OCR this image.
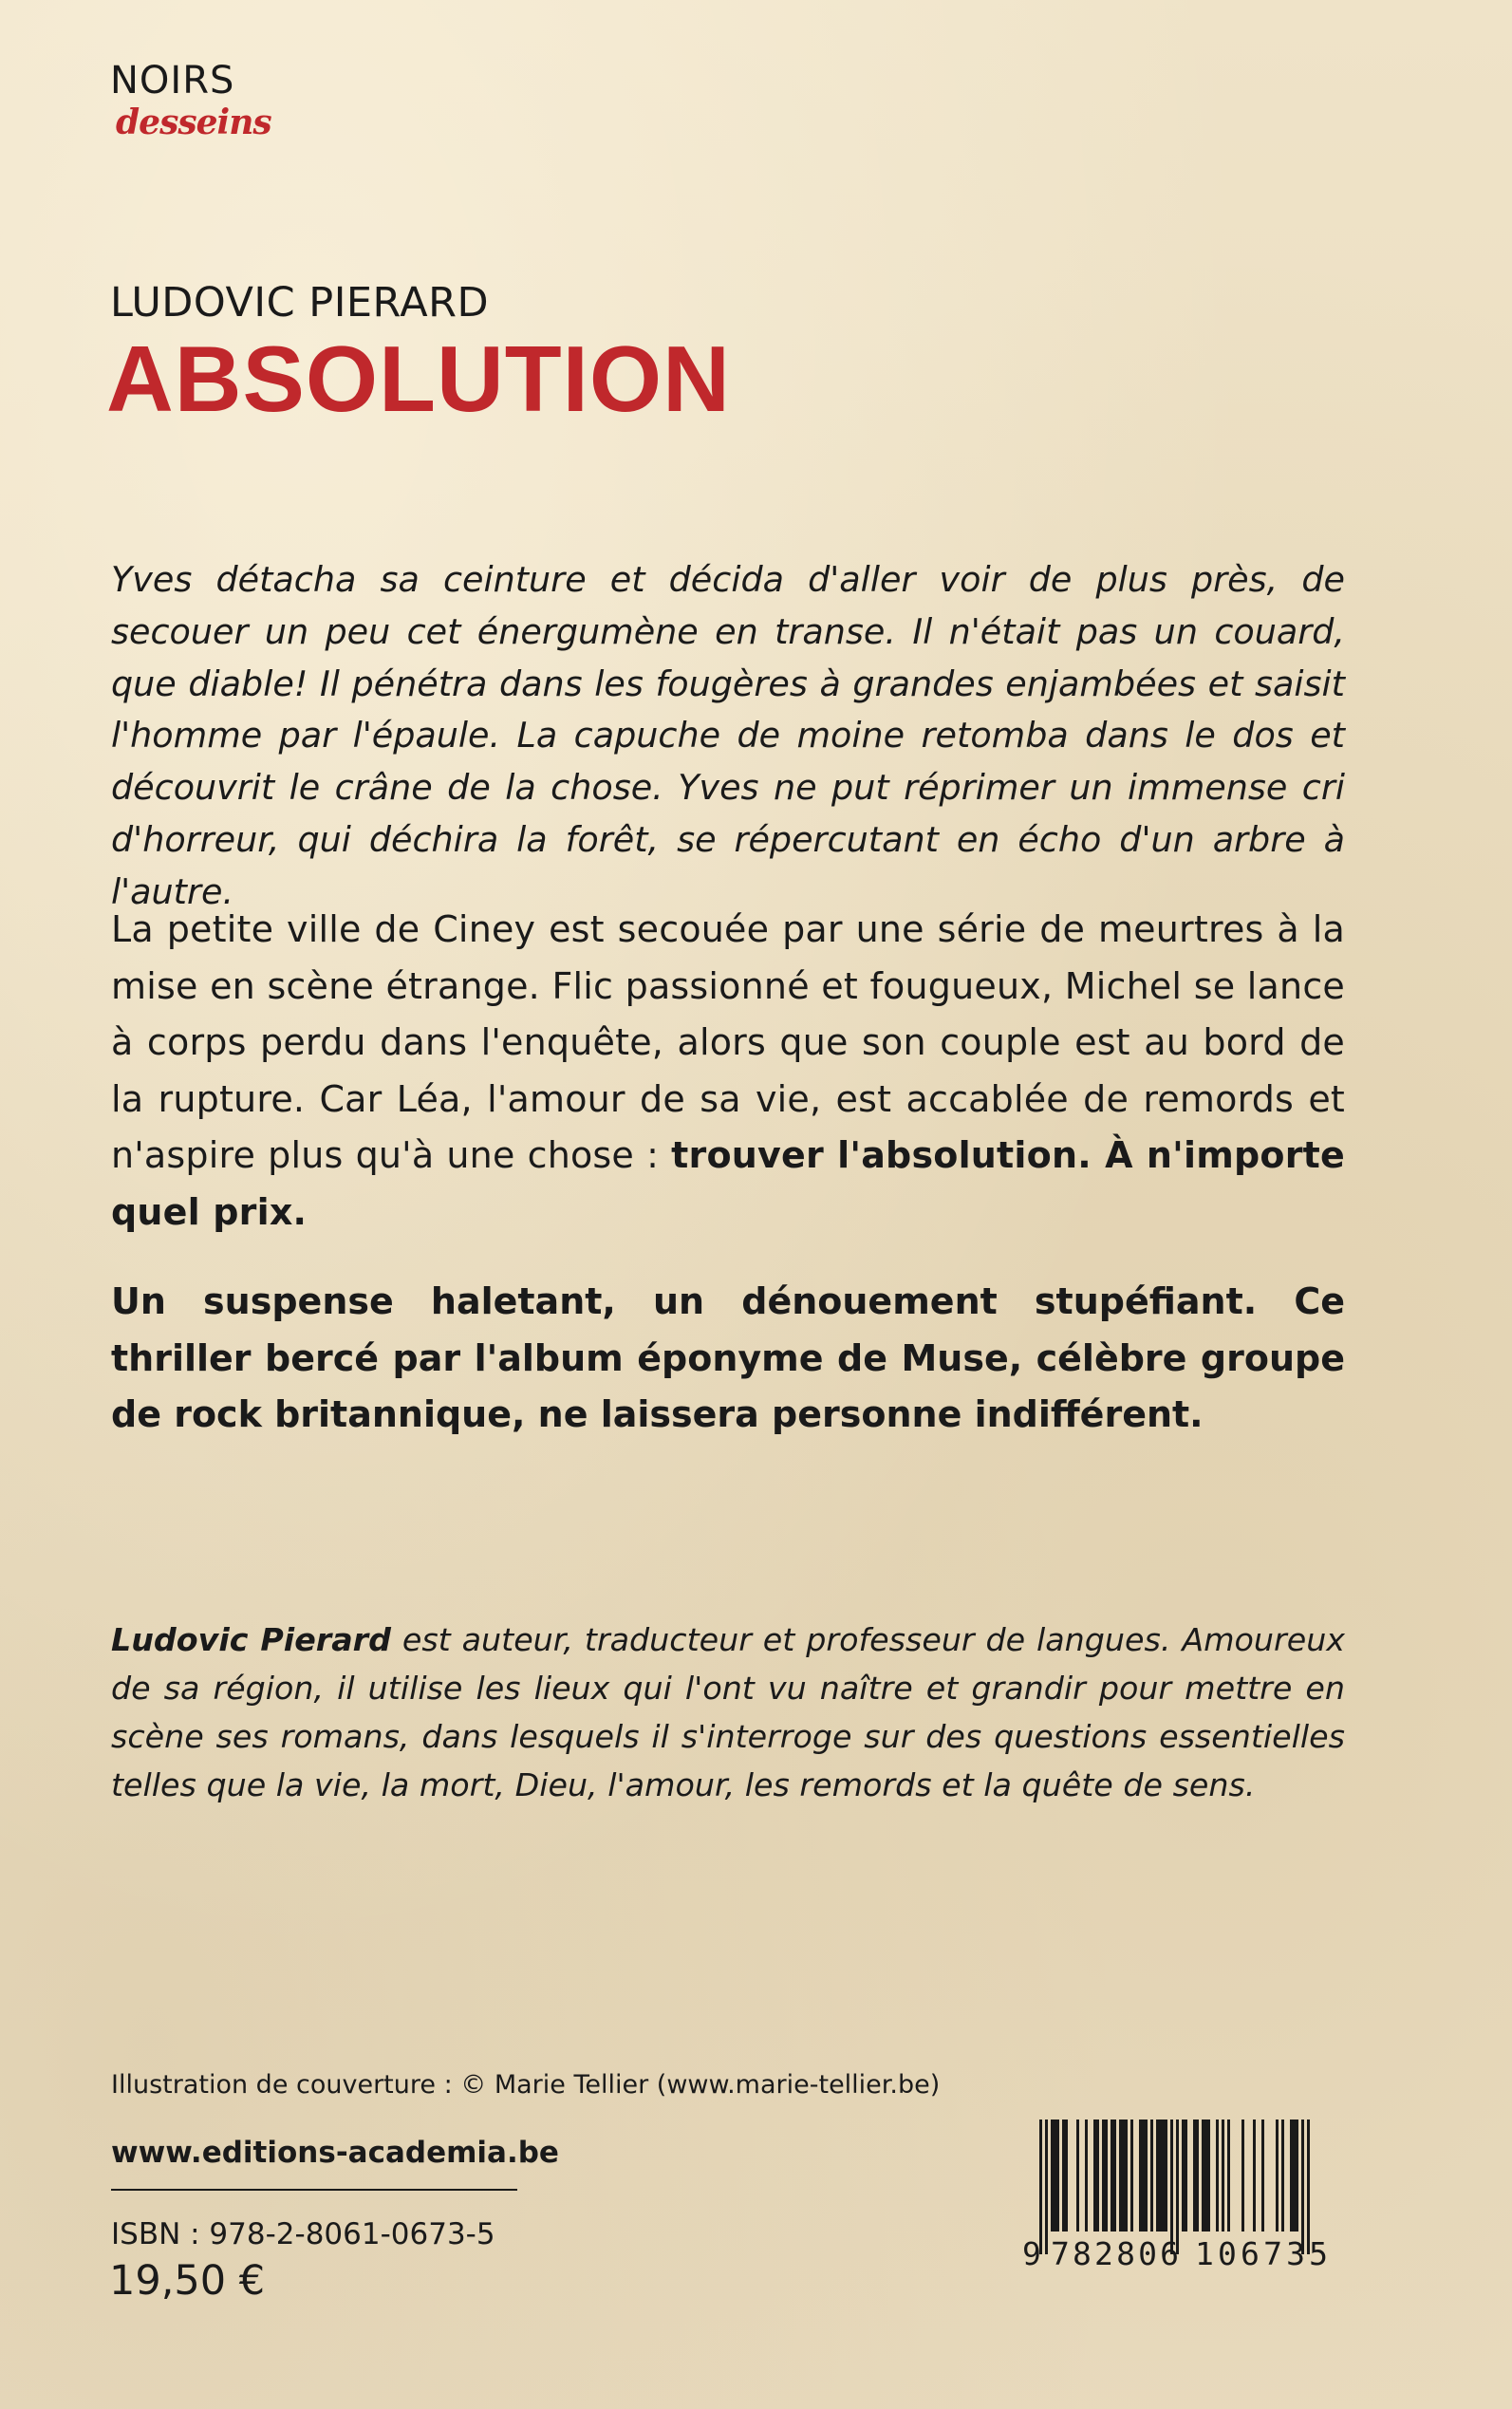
NOIRS
desseins
LUDOVIC PIERARD
ABSOLUTION
Yves détacha sa ceinture et décida d'aller voir de plus près, de secouer un peu cet énergumène en transe. Il n'était pas un couard, que diable! Il pénétra dans les fougères à grandes enjambées et saisit l'homme par l'épaule. La capuche de moine retomba dans le dos et découvrit le crâne de la chose. Yves ne put réprimer un immense cri d'horreur, qui déchira la forêt, se répercutant en écho d'un arbre à l'autre.
La petite ville de Ciney est secouée par une série de meurtres à la mise en scène étrange. Flic passionné et fougueux, Michel se lance à corps perdu dans l'enquête, alors que son couple est au bord de la rupture. Car Léa, l'amour de sa vie, est accablée de remords et n'aspire plus qu'à une chose : trouver l'absolution. À n'importe quel prix.
Un suspense haletant, un dénouement stupéfiant. Ce thriller bercé par l'album éponyme de Muse, célèbre groupe de rock britannique, ne laissera personne indifférent.
Ludovic Pierard est auteur, traducteur et professeur de langues. Amoureux de sa région, il utilise les lieux qui l'ont vu naître et grandir pour mettre en scène ses romans, dans lesquels il s'interroge sur des questions essentielles telles que la vie, la mort, Dieu, l'amour, les remords et la quête de sens.
Illustration de couverture : © Marie Tellier (www.marie-tellier.be)
www.editions-academia.be
ISBN : 978-2-8061-0673-5
19,50 €
9 782806 106735
